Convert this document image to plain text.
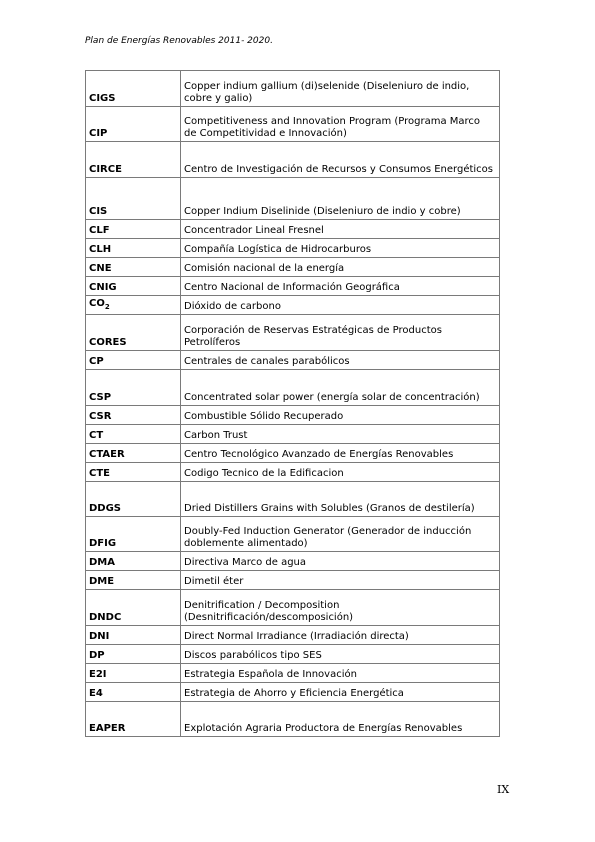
Plan de Energías Renovables 2011- 2020.
CIGS	Copper indium gallium (di)selenide (Diseleniuro de indio, cobre y galio)
CIP	Competitiveness and Innovation Program (Programa Marco de Competitividad e Innovación)
CIRCE	Centro de Investigación de Recursos y Consumos Energéticos
CIS	Copper Indium Diselinide (Diseleniuro de indio y cobre)
CLF	Concentrador Lineal Fresnel
CLH	Compañía Logística de Hidrocarburos
CNE	Comisión nacional de la energía
CNIG	Centro Nacional de Información Geográfica
$CO_2$	Dióxido de carbono
CORES	Corporación de Reservas Estratégicas de Productos Petrolíferos
CP	Centrales de canales parabólicos
CSP	Concentrated solar power (energía solar de concentración)
CSR	Combustible Sólido Recuperado
CT	Carbon Trust
CTAER	Centro Tecnológico Avanzado de Energías Renovables
CTE	Codigo Tecnico de la Edificacion
DDGS	Dried Distillers Grains with Solubles (Granos de destilería)
DFIG	Doubly-Fed Induction Generator (Generador de inducción doblemente alimentado)
DMA	Directiva Marco de agua
DME	Dimetil éter
DNDC	Denitrification / Decomposition (Desnitrificación/descomposición)
DNI	Direct Normal Irradiance (Irradiación directa)
DP	Discos parabólicos tipo SES
E2I	Estrategia Española de Innovación
E4	Estrategia de Ahorro y Eficiencia Energética
EAPER	Explotación Agraria Productora de Energías Renovables
IX
